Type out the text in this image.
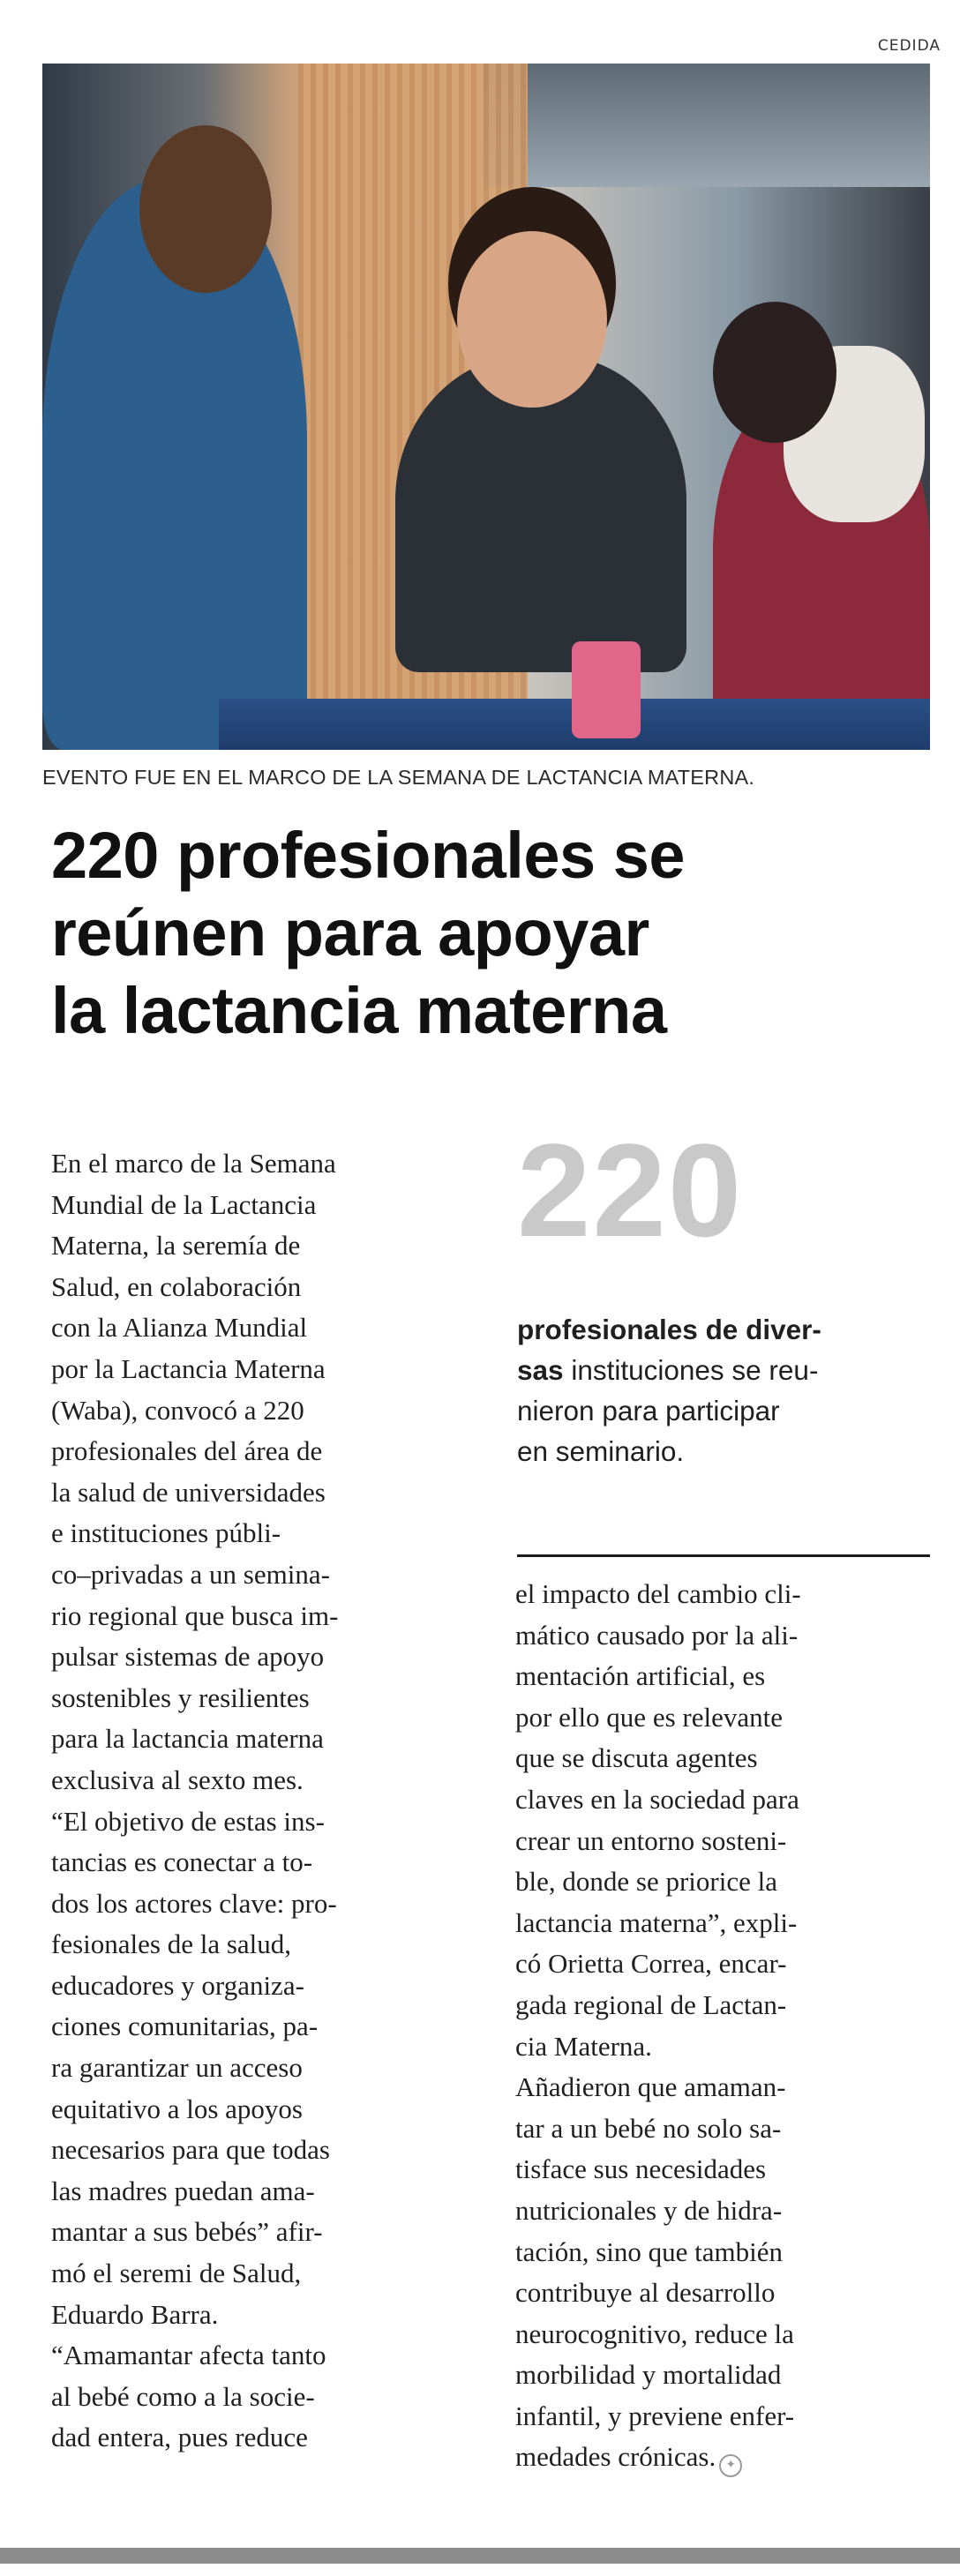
CEDIDA
EVENTO FUE EN EL MARCO DE LA SEMANA DE LACTANCIA MATERNA.
220 profesionales se
reúnen para apoyar
la lactancia materna
En el marco de la Semana
Mundial de la Lactancia
Materna, la seremía de
Salud, en colaboración
con la Alianza Mundial
por la Lactancia Materna
(Waba), convocó a 220
profesionales del área de
la salud de universidades
e instituciones públi-
co–privadas a un semina-
rio regional que busca im-
pulsar sistemas de apoyo
sostenibles y resilientes
para la lactancia materna
exclusiva al sexto mes.
“El objetivo de estas ins-
tancias es conectar a to-
dos los actores clave: pro-
fesionales de la salud,
educadores y organiza-
ciones comunitarias, pa-
ra garantizar un acceso
equitativo a los apoyos
necesarios para que todas
las madres puedan ama-
mantar a sus bebés” afir-
mó el seremi de Salud,
Eduardo Barra.
“Amamantar afecta tanto
al bebé como a la socie-
dad entera, pues reduce
220
profesionales de diver-
sas instituciones se reu-
nieron para participar
en seminario.
el impacto del cambio cli-
mático causado por la ali-
mentación artificial, es
por ello que es relevante
que se discuta agentes
claves en la sociedad para
crear un entorno sosteni-
ble, donde se priorice la
lactancia materna”, expli-
có Orietta Correa, encar-
gada regional de Lactan-
cia Materna.
Añadieron que amaman-
tar a un bebé no solo sa-
tisface sus necesidades
nutricionales y de hidra-
tación, sino que también
contribuye al desarrollo
neurocognitivo, reduce la
morbilidad y mortalidad
infantil, y previene enfer-
medades crónicas. ✦
